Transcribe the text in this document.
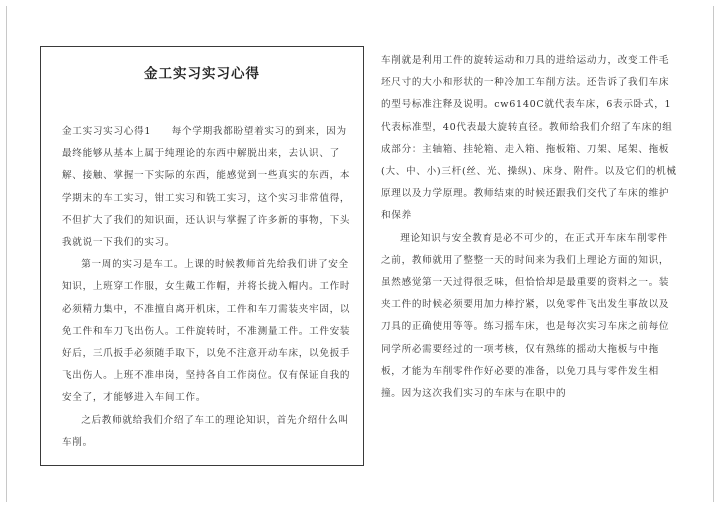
金工实习实习心得

金工实习实习心得1　　每个学期我都盼望着实习的到来，因为最终能够从基本上属于纯理论的东西中解脱出来，去认识、了解、接触、掌握一下实际的东西，能感觉到一些真实的东西，本学期末的车工实习，钳工实习和铣工实习，这个实习非常值得，不但扩大了我们的知识面，还认识与掌握了许多新的事物，下头我就说一下我们的实习。

第一周的实习是车工。上课的时候教师首先给我们讲了安全知识，上班穿工作服，女生戴工作帽，并将长拢入帽内。工作时必须精力集中，不准擅自离开机床，工件和车刀需装夹牢固，以免工件和车刀飞出伤人。工件旋转时，不准测量工件。工件安装好后，三爪扳手必须随手取下，以免不注意开动车床，以免扳手飞出伤人。上班不准串岗，坚持各自工作岗位。仅有保证自我的安全了，才能够进入车间工作。

之后教师就给我们介绍了车工的理论知识，首先介绍什么叫车削。

车削就是利用工件的旋转运动和刀具的进给运动力，改变工件毛坯尺寸的大小和形状的一种冷加工车削方法。还告诉了我们车床的型号标准注释及说明。cw6140C就代表车床，6表示卧式，1代表标准型，40代表最大旋转直径。教师给我们介绍了车床的组成部分：主轴箱、挂轮箱、走入箱、拖板箱、刀架、尾架、拖板(大、中、小)三杆(丝、光、操纵)、床身、附件。以及它们的机械原理以及力学原理。教师结束的时候还跟我们交代了车床的维护和保养

理论知识与安全教育是必不可少的，在正式开车床车削零件之前，教师就用了整整一天的时间来为我们上理论方面的知识，虽然感觉第一天过得很乏味，但恰恰却是最重要的资料之一。装夹工件的时候必须要用加力棒拧紧，以免零件飞出发生事故以及刀具的正确使用等等。练习摇车床，也是每次实习车床之前每位同学所必需要经过的一项考核，仅有熟练的摇动大拖板与中拖板，才能为车削零件作好必要的准备，以免刀具与零件发生相撞。因为这次我们实习的车床与在职中的
